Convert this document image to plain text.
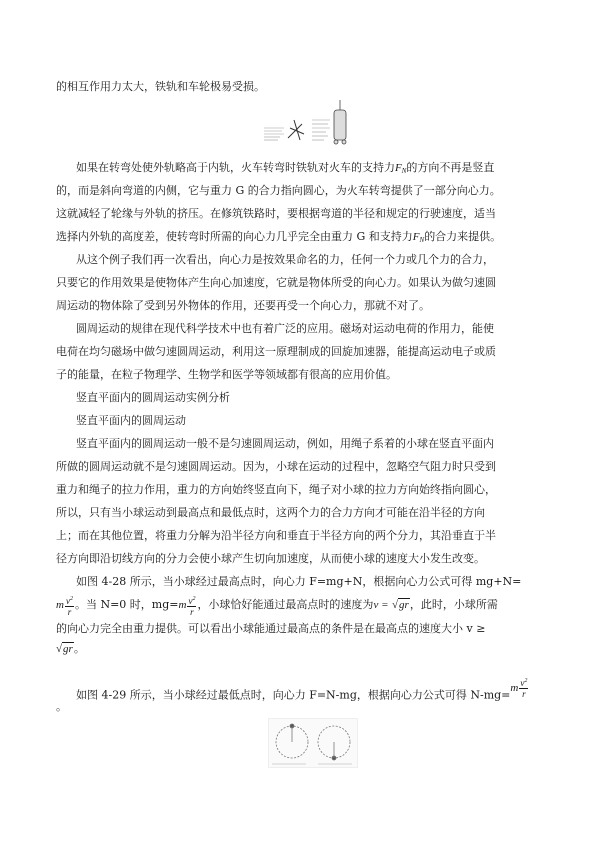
的相互作用力太大，铁轨和车轮极易受损。
如果在转弯处使外轨略高于内轨，火车转弯时铁轨对火车的支持力$F_N$的方向不再是竖直
的，而是斜向弯道的内侧，它与重力 G 的合力指向圆心，为火车转弯提供了一部分向心力。
这就减轻了轮缘与外轨的挤压。在修筑铁路时，要根据弯道的半径和规定的行驶速度，适当
选择内外轨的高度差，使转弯时所需的向心力几乎完全由重力 G 和支持力$F_N$的合力来提供。
从这个例子我们再一次看出，向心力是按效果命名的力，任何一个力或几个力的合力，
只要它的作用效果是使物体产生向心加速度，它就是物体所受的向心力。如果认为做匀速圆
周运动的物体除了受到另外物体的作用，还要再受一个向心力，那就不对了。
圆周运动的规律在现代科学技术中也有着广泛的应用。磁场对运动电荷的作用力，能使
电荷在均匀磁场中做匀速圆周运动，利用这一原理制成的回旋加速器，能提高运动电子或质
子的能量，在粒子物理学、生物学和医学等领域都有很高的应用价值。
竖直平面内的圆周运动实例分析
竖直平面内的圆周运动
竖直平面内的圆周运动一般不是匀速圆周运动，例如，用绳子系着的小球在竖直平面内
所做的圆周运动就不是匀速圆周运动。因为，小球在运动的过程中，忽略空气阻力时只受到
重力和绳子的拉力作用，重力的方向始终竖直向下，绳子对小球的拉力方向始终指向圆心，
所以，只有当小球运动到最高点和最低点时，这两个力的合力方向才可能在沿半径的方向
上；而在其他位置，将重力分解为沿半径方向和垂直于半径方向的两个分力，其沿垂直于半
径方向即沿切线方向的分力会使小球产生切向加速度，从而使小球的速度大小发生改变。
如图 4-28 所示，当小球经过最高点时，向心力 F=mg+N，根据向心力公式可得 mg+N=
m $\frac{v^2}{r}$ 。当 N=0 时，$mg=m \frac{v^2}{r}$ ，小球恰好能通过最高点时的速度为v = √gr，此时，小球所需
的向心力完全由重力提供。可以看出小球能通过最高点的条件是在最高点的速度大小 v ≥
√gr。
如图 4-29 所示，当小球经过最低点时，向心力 F=N-mg，根据向心力公式可得 $N-mg=m \frac{v^2}{r}$
。
